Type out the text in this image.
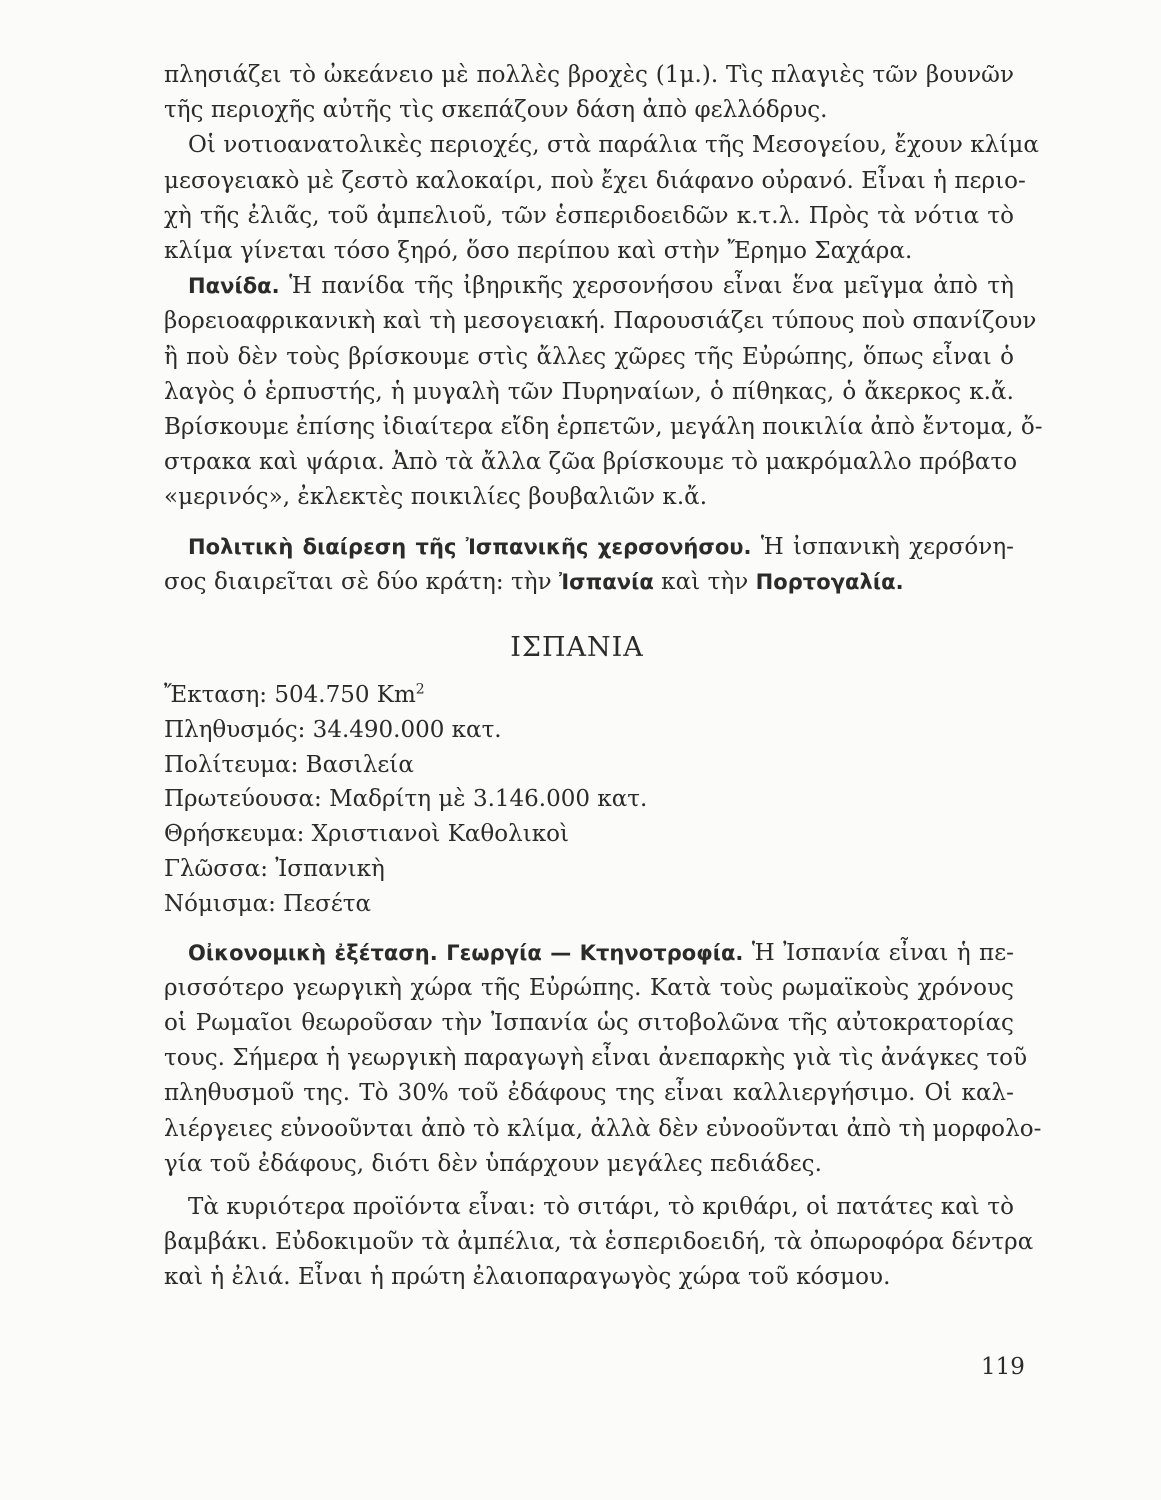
πλησιάζει τὸ ὠκεάνειο μὲ πολλὲς βροχὲς (1μ.). Τὶς πλαγιὲς τῶν βουνῶν
τῆς περιοχῆς αὐτῆς τὶς σκεπάζουν δάση ἀπὸ φελλόδρυς.
Οἱ νοτιοανατολικὲς περιοχές, στὰ παράλια τῆς Μεσογείου, ἔχουν κλίμα
μεσογειακὸ μὲ ζεστὸ καλοκαίρι, ποὺ ἔχει διάφανο οὐρανό. Εἶναι ἡ περιο-
χὴ τῆς ἐλιᾶς, τοῦ ἀμπελιοῦ, τῶν ἑσπεριδοειδῶν κ.τ.λ. Πρὸς τὰ νότια τὸ
κλίμα γίνεται τόσο ξηρό, ὅσο περίπου καὶ στὴν Ἔρημο Σαχάρα.
Πανίδα. Ἡ πανίδα τῆς ἰβηρικῆς χερσονήσου εἶναι ἕνα μεῖγμα ἀπὸ τὴ
βορειοαφρικανικὴ καὶ τὴ μεσογειακή. Παρουσιάζει τύπους ποὺ σπανίζουν
ἢ ποὺ δὲν τοὺς βρίσκουμε στὶς ἄλλες χῶρες τῆς Εὐρώπης, ὅπως εἶναι ὁ
λαγὸς ὁ ἑρπυστής, ἡ μυγαλὴ τῶν Πυρηναίων, ὁ πίθηκας, ὁ ἄκερκος κ.ἄ.
Βρίσκουμε ἐπίσης ἰδιαίτερα εἴδη ἑρπετῶν, μεγάλη ποικιλία ἀπὸ ἔντομα, ὄ-
στρακα καὶ ψάρια. Ἀπὸ τὰ ἄλλα ζῶα βρίσκουμε τὸ μακρόμαλλο πρόβατο
«μερινός», ἐκλεκτὲς ποικιλίες βουβαλιῶν κ.ἄ.
Πολιτικὴ διαίρεση τῆς Ἰσπανικῆς χερσονήσου. Ἡ ἰσπανικὴ χερσόνη-
σος διαιρεῖται σὲ δύο κράτη: τὴν Ἰσπανία καὶ τὴν Πορτογαλία.
ΙΣΠΑΝΙΑ
Ἔκταση: 504.750 Km$^2$
Πληθυσμός: 34.490.000 κατ.
Πολίτευμα: Βασιλεία
Πρωτεύουσα: Μαδρίτη μὲ 3.146.000 κατ.
Θρήσκευμα: Χριστιανοὶ Καθολικοὶ
Γλῶσσα: Ἰσπανικὴ
Νόμισμα: Πεσέτα
Οἰκονομικὴ ἐξέταση. Γεωργία — Κτηνοτροφία. Ἡ Ἰσπανία εἶναι ἡ πε-
ρισσότερο γεωργικὴ χώρα τῆς Εὐρώπης. Κατὰ τοὺς ρωμαϊκοὺς χρόνους
οἱ Ρωμαῖοι θεωροῦσαν τὴν Ἰσπανία ὡς σιτοβολῶνα τῆς αὐτοκρατορίας
τους. Σήμερα ἡ γεωργικὴ παραγωγὴ εἶναι ἀνεπαρκὴς γιὰ τὶς ἀνάγκες τοῦ
πληθυσμοῦ της. Τὸ 30% τοῦ ἐδάφους της εἶναι καλλιεργήσιμο. Οἱ καλ-
λιέργειες εὐνοοῦνται ἀπὸ τὸ κλίμα, ἀλλὰ δὲν εὐνοοῦνται ἀπὸ τὴ μορφολο-
γία τοῦ ἐδάφους, διότι δὲν ὑπάρχουν μεγάλες πεδιάδες.
Τὰ κυριότερα προϊόντα εἶναι: τὸ σιτάρι, τὸ κριθάρι, οἱ πατάτες καὶ τὸ
βαμβάκι. Εὐδοκιμοῦν τὰ ἀμπέλια, τὰ ἑσπεριδοειδή, τὰ ὀπωροφόρα δέντρα
καὶ ἡ ἐλιά. Εἶναι ἡ πρώτη ἐλαιοπαραγωγὸς χώρα τοῦ κόσμου.
119
